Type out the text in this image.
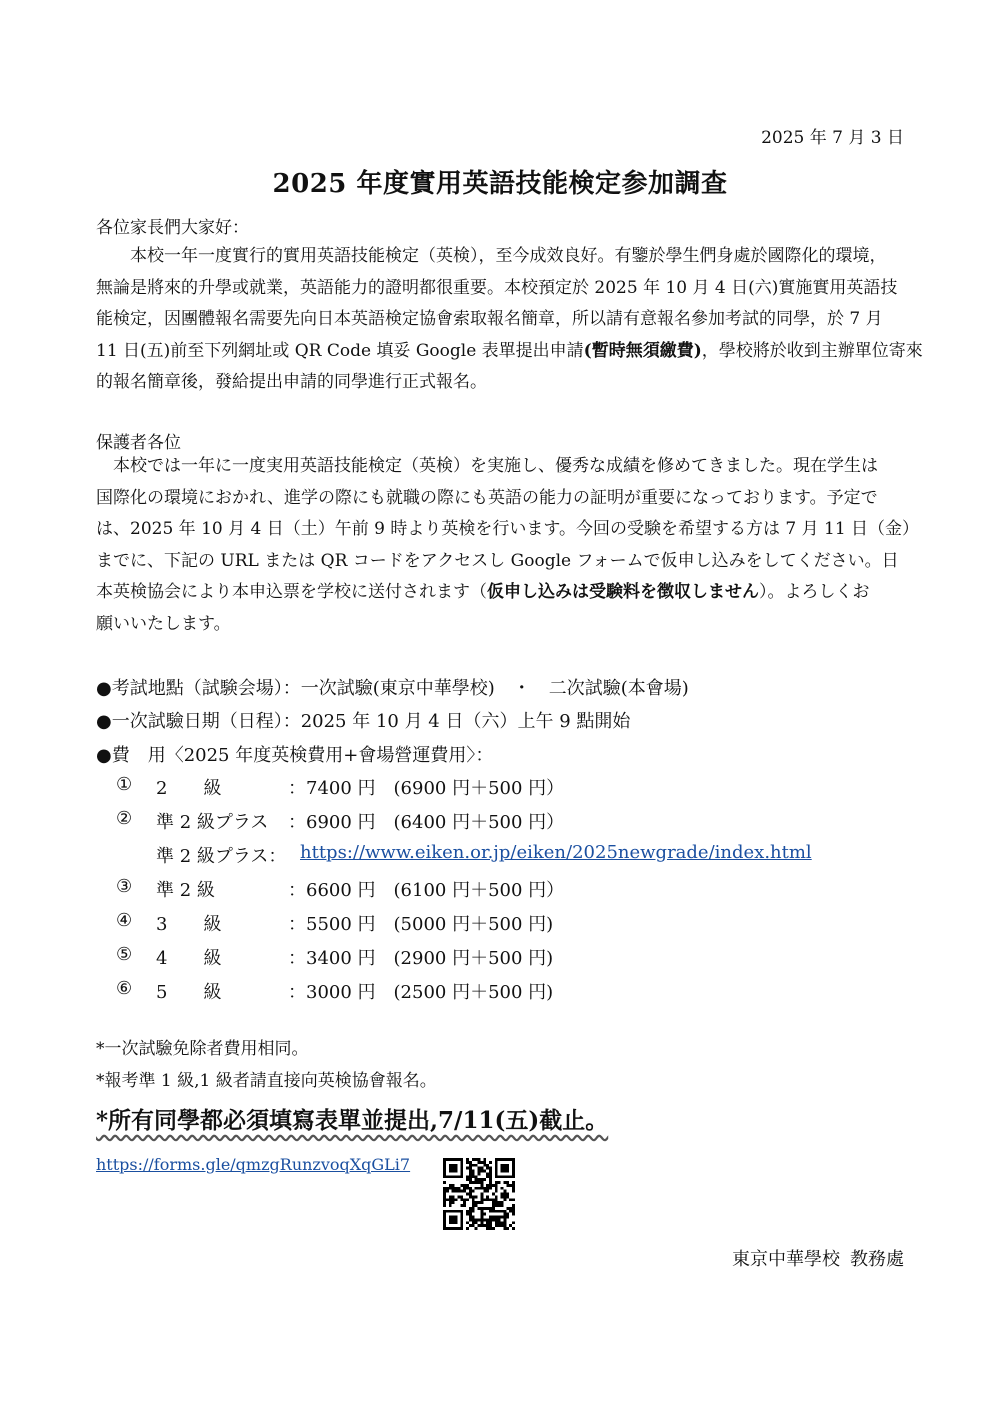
2025 年 7 月 3 日
2025 年度實用英語技能検定参加調查
各位家長們大家好：

本校一年一度實行的實用英語技能検定（英検），至今成效良好。有鑒於學生們身處於國際化的環境，

無論是將來的升學或就業，英語能力的證明都很重要。本校預定於 2025 年 10 月 4 日(六)實施實用英語技

能検定，因團體報名需要先向日本英語検定協會索取報名簡章，所以請有意報名參加考試的同學，於 7 月

11 日(五)前至下列網址或 QR Code 填妥 Google 表單提出申請(暫時無須繳費)，學校將於收到主辦單位寄來

的報名簡章後，發給提出申請的同學進行正式報名。

保護者各位

本校では一年に一度実用英語技能検定（英検）を実施し、優秀な成績を修めてきました。現在学生は

国際化の環境におかれ、進学の際にも就職の際にも英語の能力の証明が重要になっております。予定で

は、2025 年 10 月 4 日（土）午前 9 時より英検を行います。今回の受験を希望する方は 7 月 11 日（金）

までに、下記の URL または QR コードをアクセスし Google フォームで仮申し込みをしてください。日

本英検協会により本申込票を学校に送付されます（仮申し込みは受験料を徴収しません）。よろしくお

願いいたします。

●考試地點（試験会場）：一次試驗(東京中華學校)　・　二次試驗(本會場)
●一次試驗日期（日程）：2025 年 10 月 4 日（六）上午 9 點開始
●費　用〈2025 年度英検費用+會場營運費用〉：
① 2　　級	：7400 円　(6900 円＋500 円）
② 準 2 級プラス ：6900 円　(6400 円＋500 円）
準 2 級プラス： https://www.eiken.or.jp/eiken/2025newgrade/index.html
③ 準 2 級	：6600 円　(6100 円＋500 円）
④ 3　　級	：5500 円　(5000 円＋500 円)
⑤ 4　　級	：3400 円　(2900 円＋500 円)
⑥ 5　　級	：3000 円　(2500 円＋500 円)
*一次試驗免除者費用相同。
*報考準 1 級,1 級者請直接向英検協會報名。
*所有同學都必須填寫表單並提出,7/11(五)截止。
https://forms.gle/qmzgRunzvoqXqGLi7
東京中華學校 教務處
